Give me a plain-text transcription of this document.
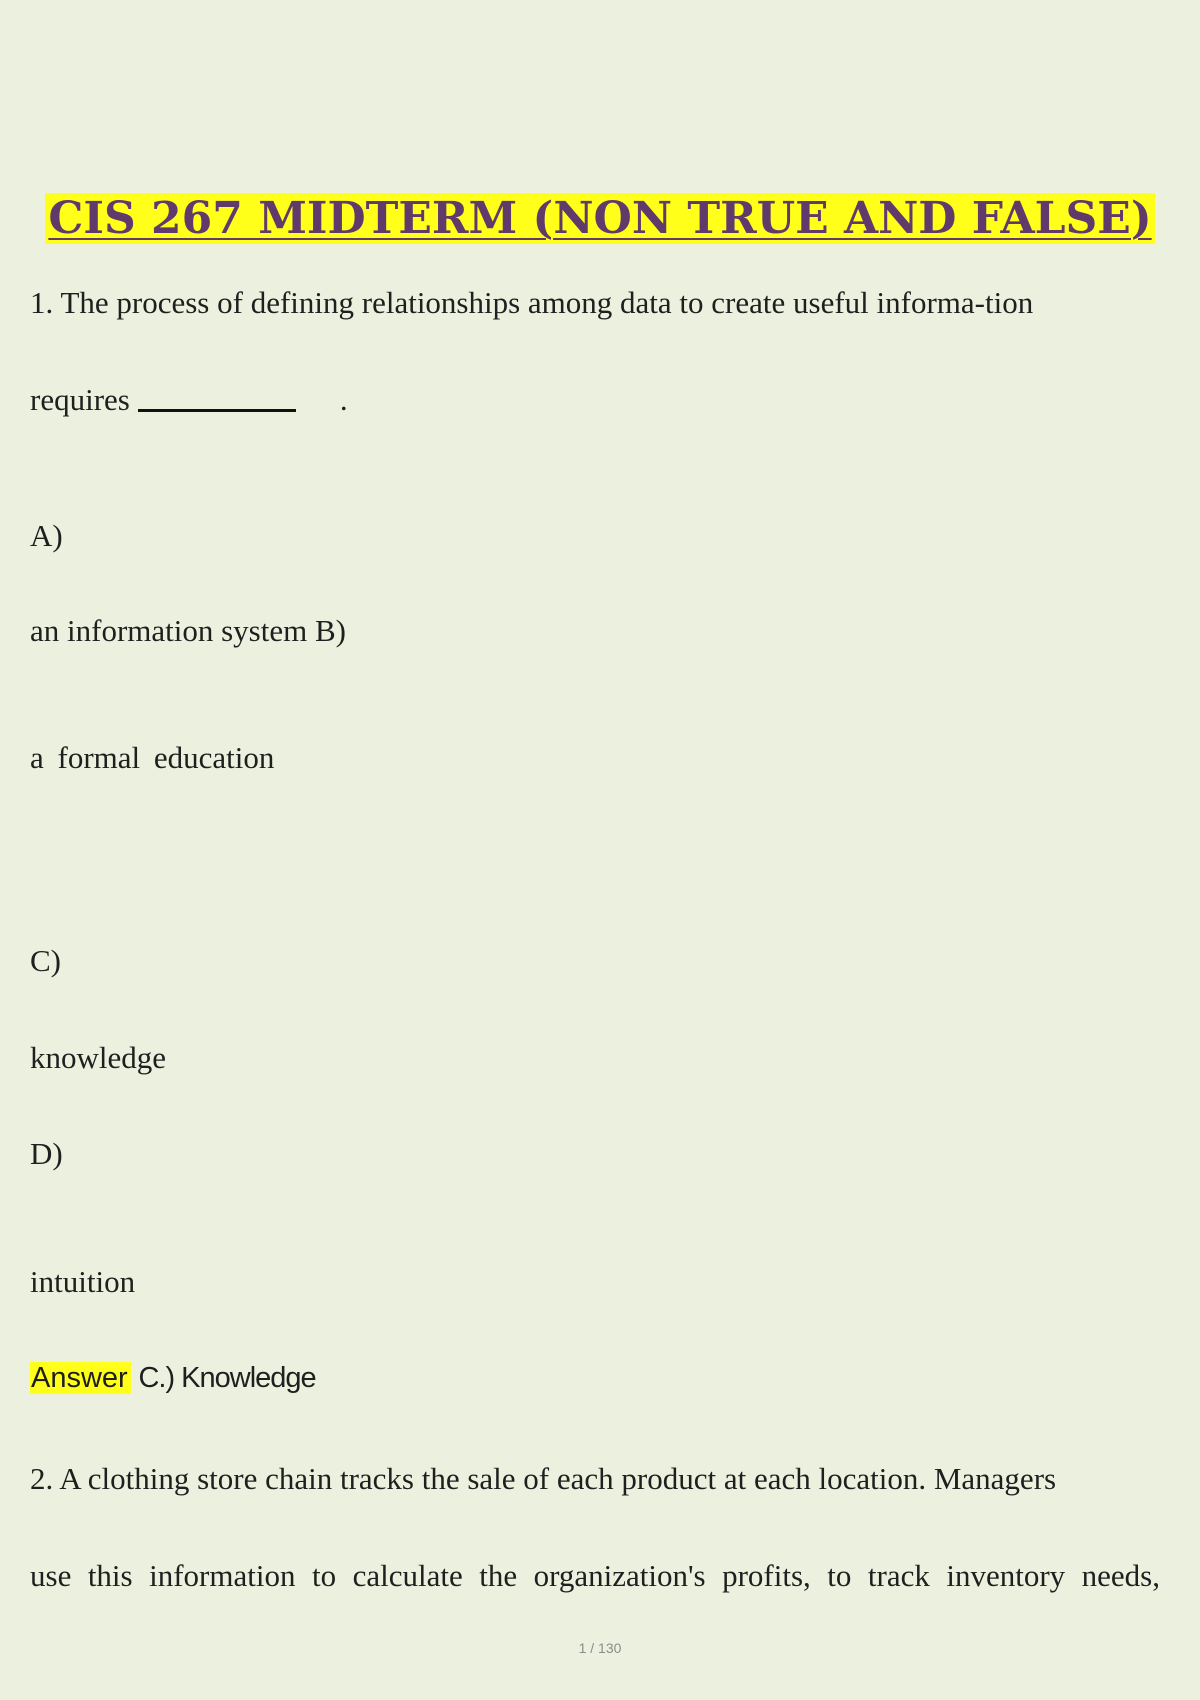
CIS 267 MIDTERM (NON TRUE AND FALSE)

1. The process of defining relationships among data to create useful informa-tion

requires	.

A)

an information system B)

a formal education

C)

knowledge

D)

intuition

Answer C.) Knowledge

2. A clothing store chain tracks the sale of each product at each location. Managers

use this information to calculate the organization's profits, to track inventory needs,

1 / 130
